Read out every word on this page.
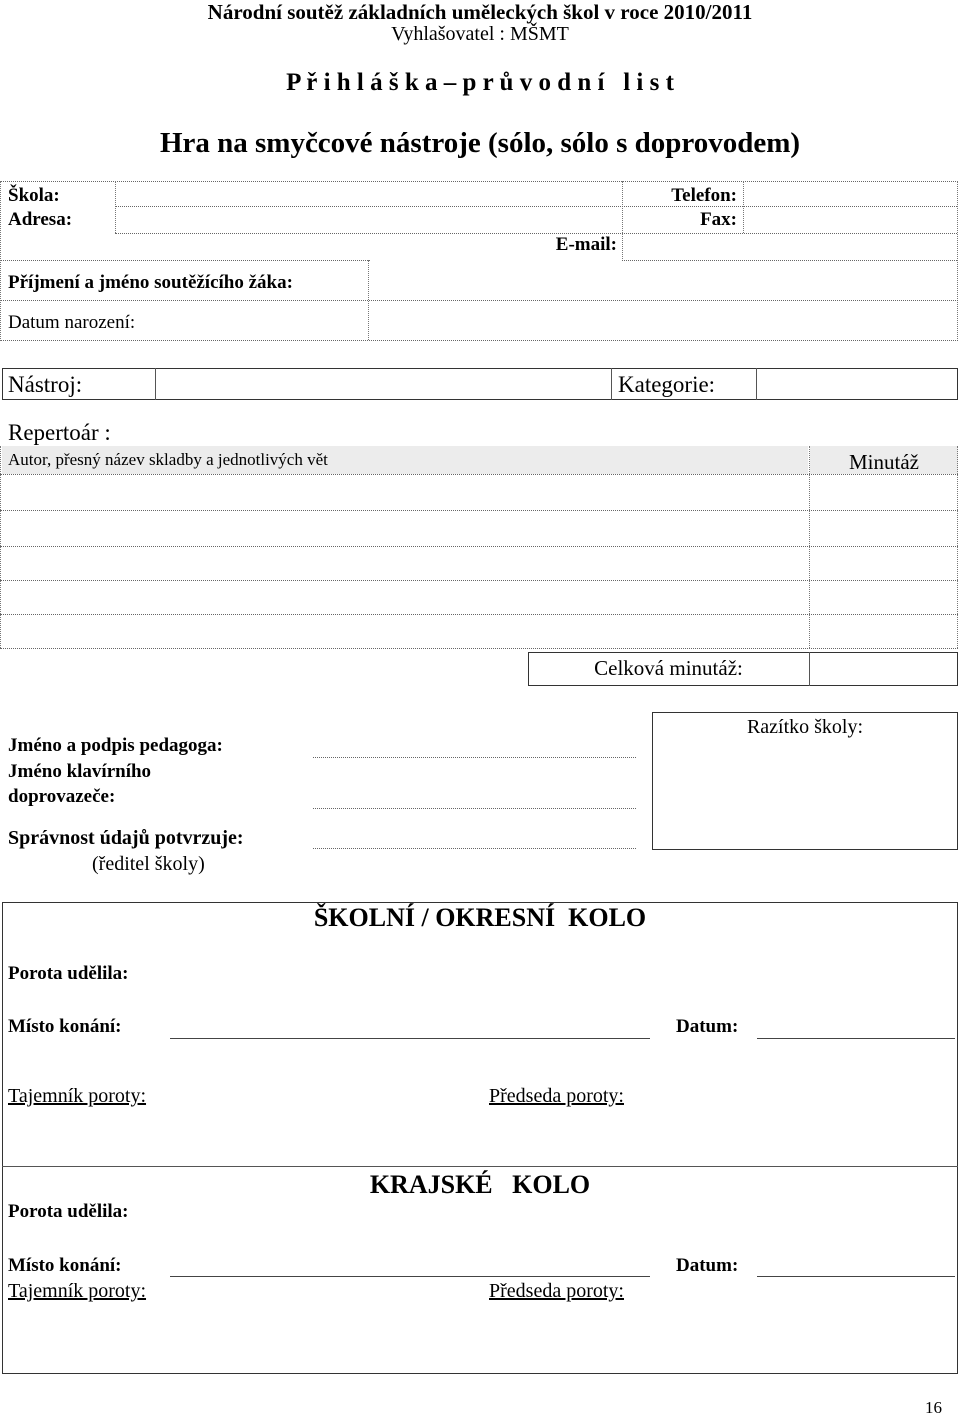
Národní soutěž základních uměleckých škol v roce 2010/2011
Vyhlašovatel : MŠMT
P ř i h l á š k a – p r ů v o d n í   l i s t
Hra na smyčcové nástroje (sólo, sólo s doprovodem)
Škola:
Adresa:
Telefon:
Fax:
E-mail:
Příjmení a jméno soutěžícího žáka:
Datum narození:
Nástroj:	Kategorie:
Repertoár :
Autor, přesný název skladby a jednotlivých vět	Minutáž
Celková minutáž:
Jméno a podpis pedagoga:
Jméno klavírního
doprovazeče:
Správnost údajů potvrzuje:
(ředitel školy)
Razítko školy:
ŠKOLNÍ / OKRESNÍ  KOLO
Porota udělila:
Místo konání:	Datum:
Tajemník poroty:	Předseda poroty:
KRAJSKÉ   KOLO
Porota udělila:
Místo konání:	Datum:
Tajemník poroty:	Předseda poroty:
16
